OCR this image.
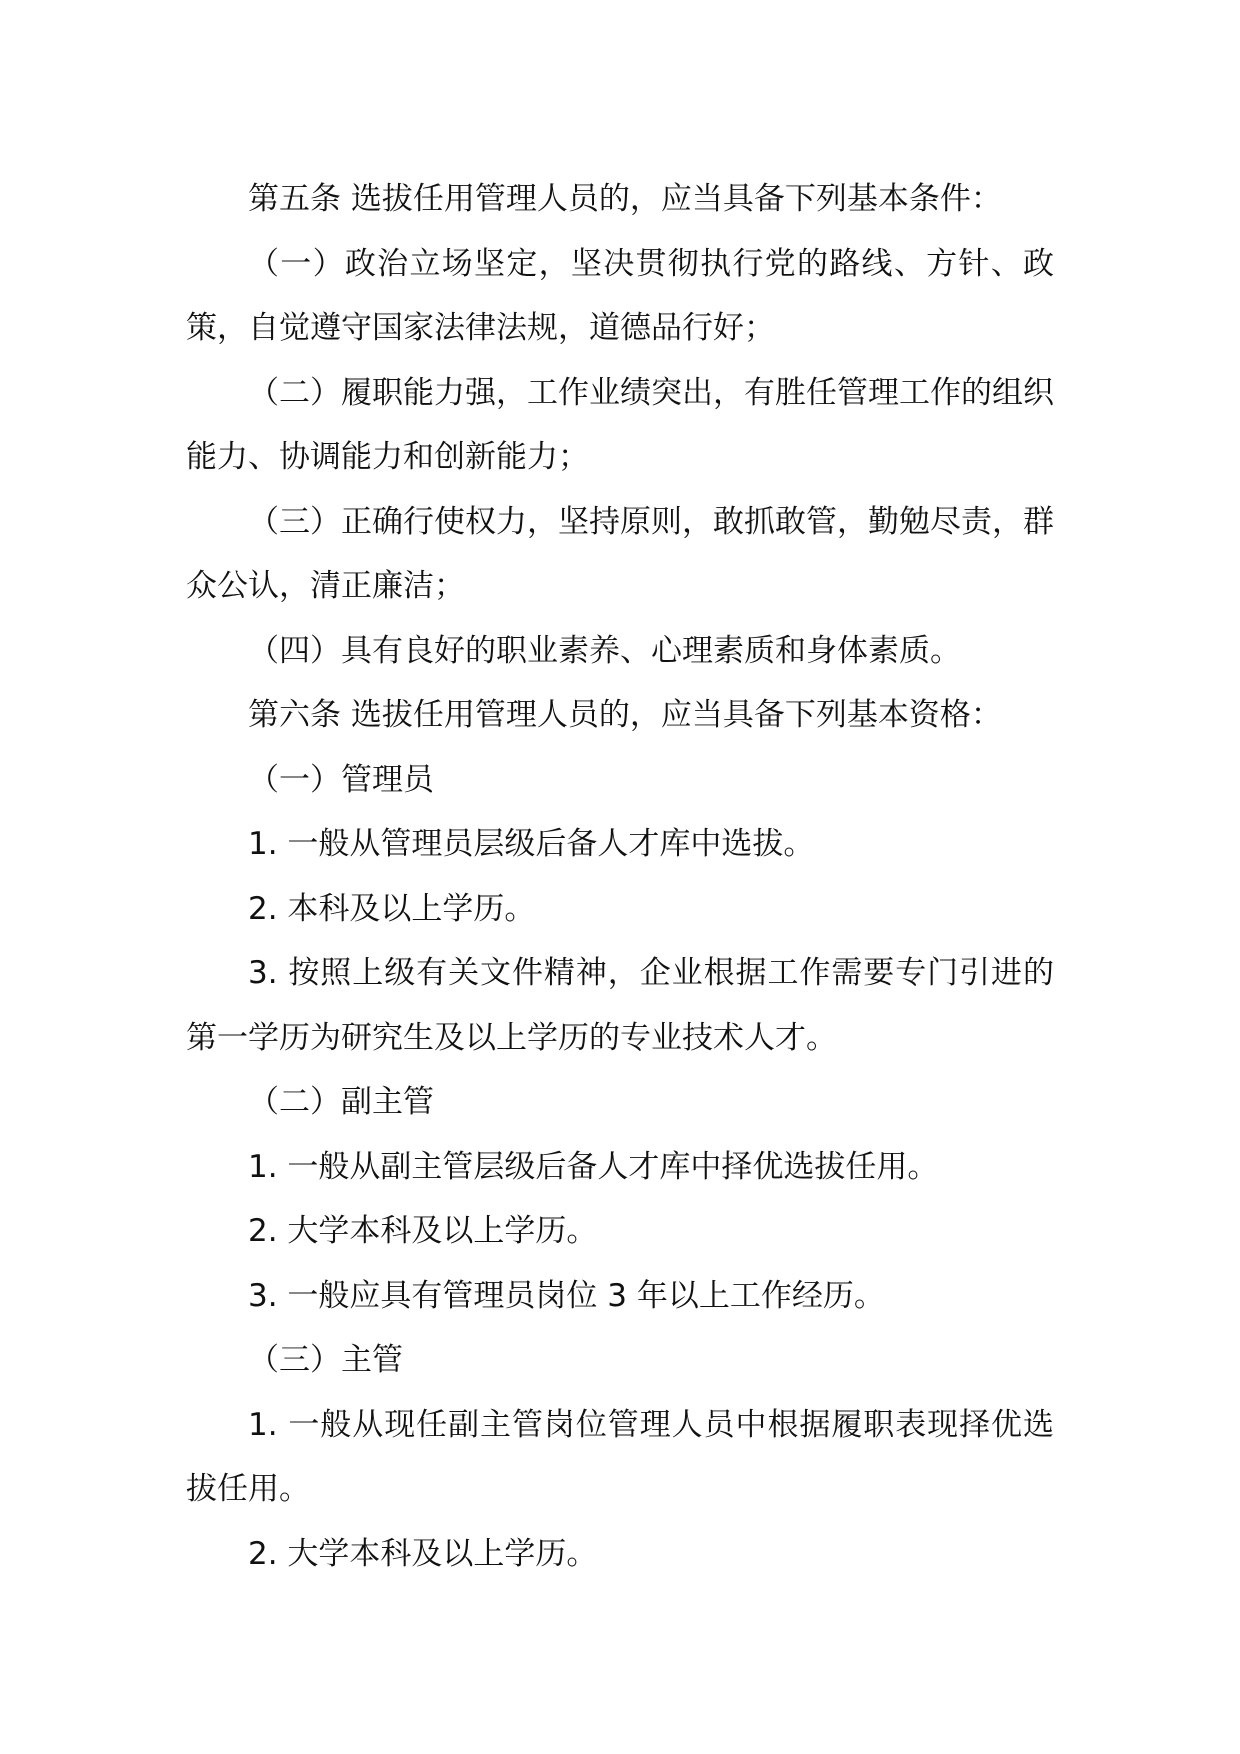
第五条 选拔任用管理人员的，应当具备下列基本条件：

（一）政治立场坚定，坚决贯彻执行党的路线、方针、政策，自觉遵守国家法律法规，道德品行好；

（二）履职能力强，工作业绩突出，有胜任管理工作的组织能力、协调能力和创新能力；

（三）正确行使权力，坚持原则，敢抓敢管，勤勉尽责，群众公认，清正廉洁；

（四）具有良好的职业素养、心理素质和身体素质。

第六条 选拔任用管理人员的，应当具备下列基本资格：

（一）管理员

1. 一般从管理员层级后备人才库中选拔。

2. 本科及以上学历。

3. 按照上级有关文件精神，企业根据工作需要专门引进的第一学历为研究生及以上学历的专业技术人才。

（二）副主管

1. 一般从副主管层级后备人才库中择优选拔任用。

2. 大学本科及以上学历。

3. 一般应具有管理员岗位 3 年以上工作经历。

（三）主管

1. 一般从现任副主管岗位管理人员中根据履职表现择优选拔任用。

2. 大学本科及以上学历。
